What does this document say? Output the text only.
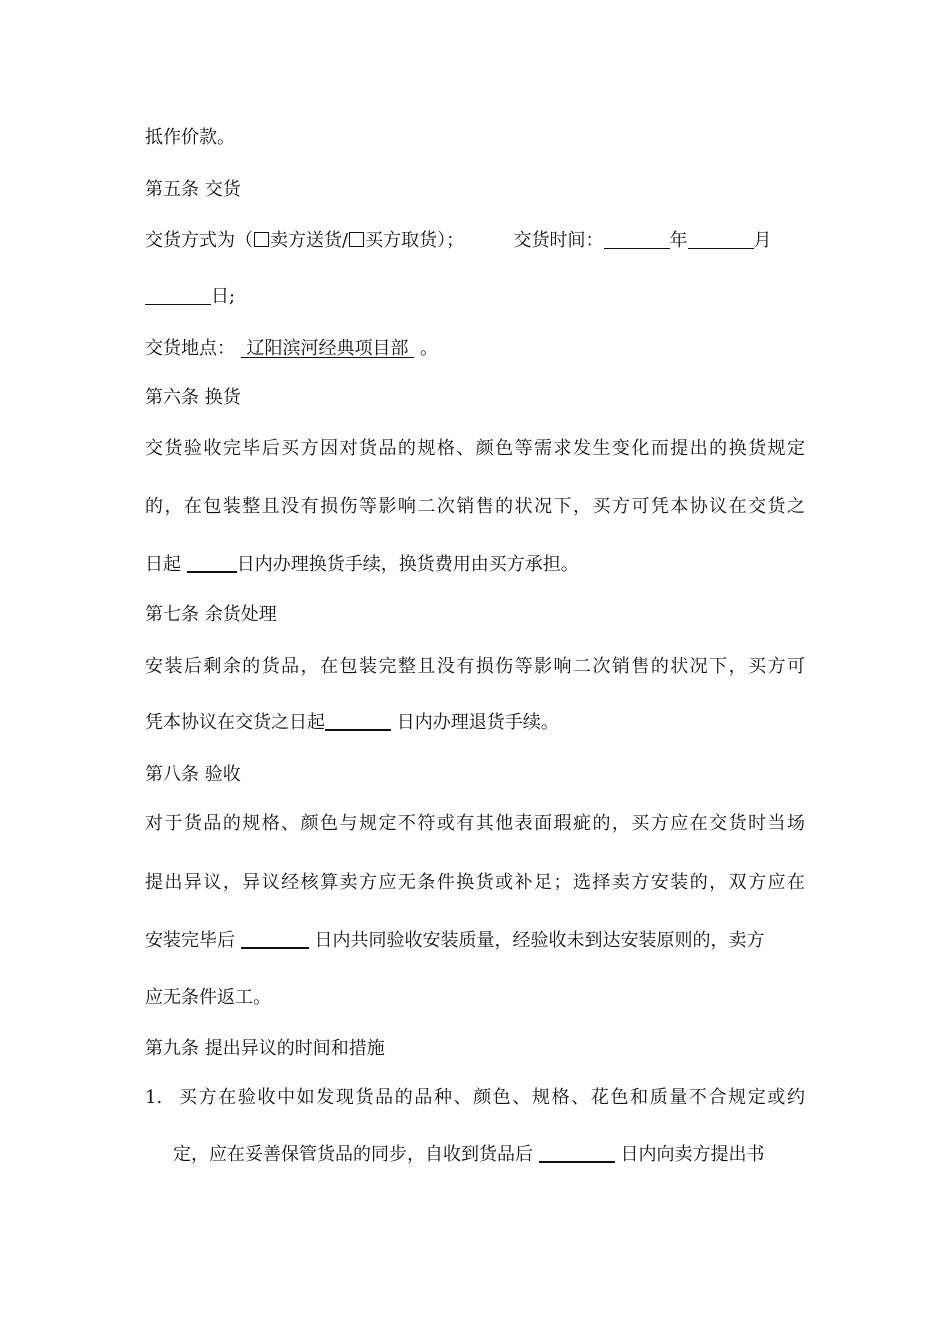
抵作价款。
第五条 交货
交货方式为（ 卖方送货/ 买方取货）；	交货时间：	年	月
日;
交货地点： 辽阳滨河经典项目部 。
第六条 换货
交货验收完毕后买方因对货品的规格、颜色等需求发生变化而提出的换货规定
的，在包装整且没有损伤等影响二次销售的状况下，买方可凭本协议在交货之
日起	日内办理换货手续，换货费用由买方承担。
第七条 余货处理
安装后剩余的货品，在包装完整且没有损伤等影响二次销售的状况下，买方可
凭本协议在交货之日起	日内办理退货手续。
第八条 验收
对于货品的规格、颜色与规定不符或有其他表面瑕疵的，买方应在交货时当场
提出异议，异议经核算卖方应无条件换货或补足；选择卖方安装的，双方应在
安装完毕后	日内共同验收安装质量，经验收未到达安装原则的，卖方
应无条件返工。
第九条 提出异议的时间和措施
1. 买方在验收中如发现货品的品种、颜色、规格、花色和质量不合规定或约
定，应在妥善保管货品的同步，自收到货品后	日内向卖方提出书
